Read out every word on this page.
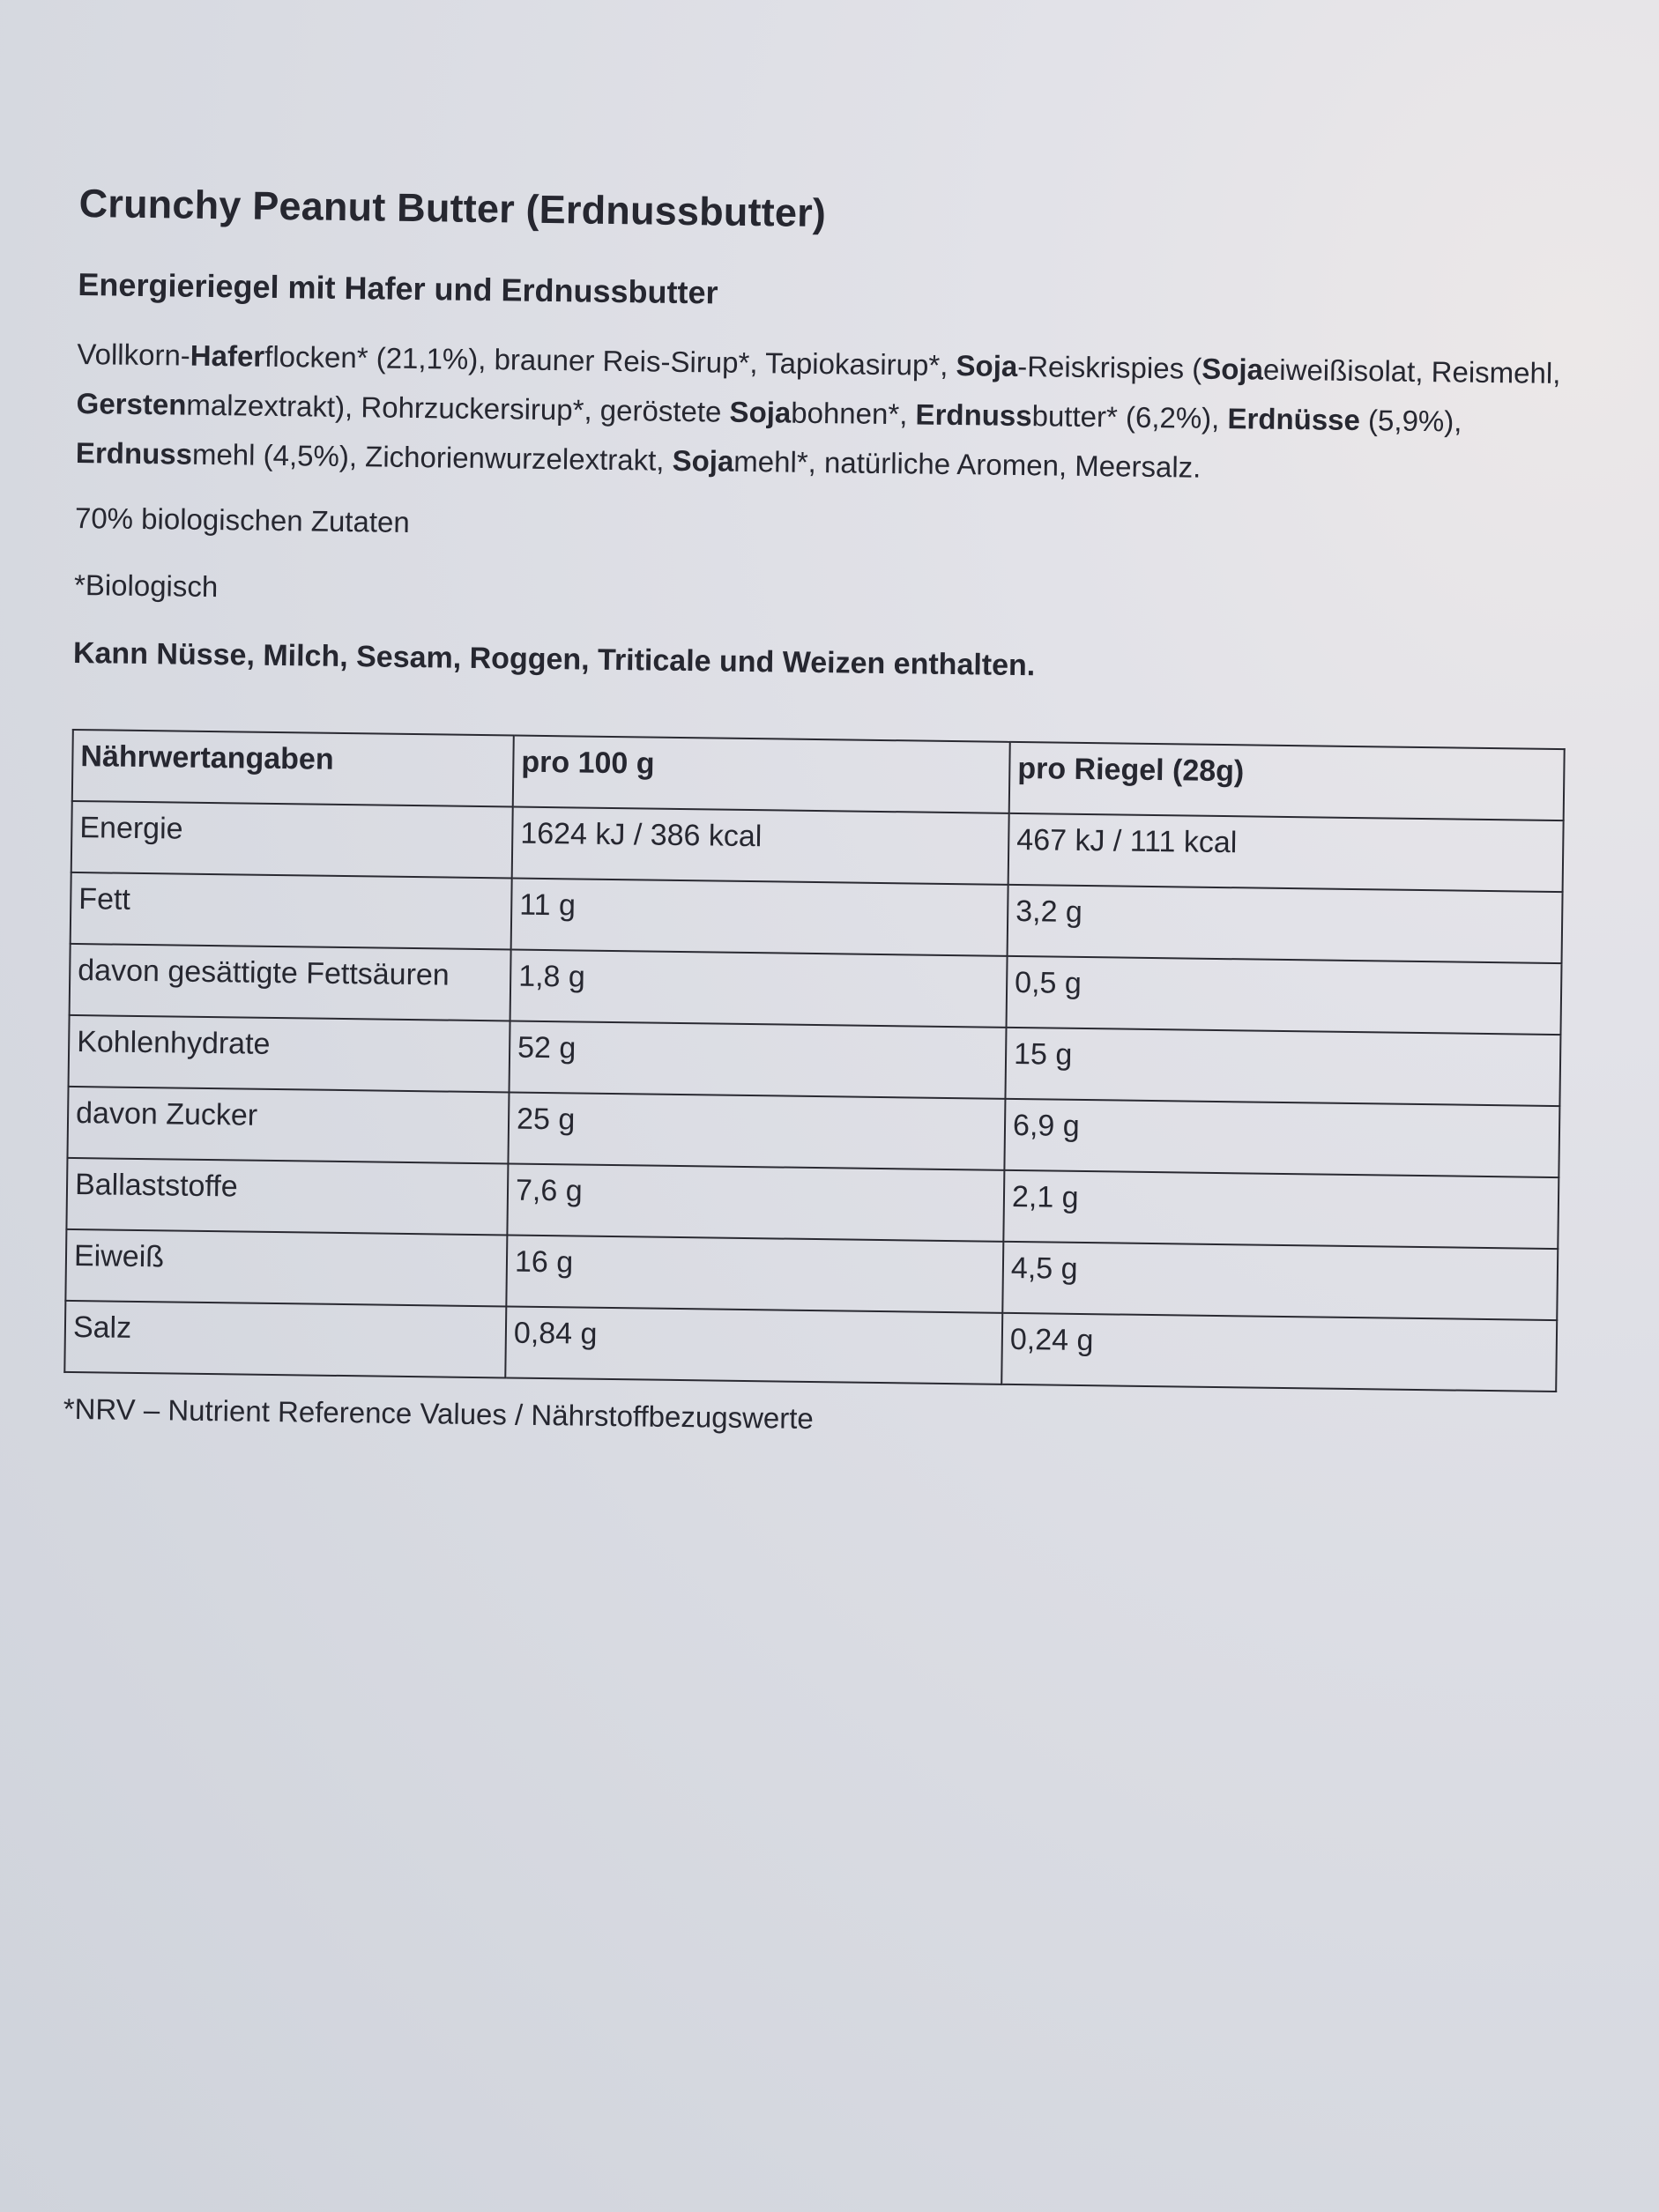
Crunchy Peanut Butter (Erdnussbutter)
Energieriegel mit Hafer und Erdnussbutter
Vollkorn-Haferflocken* (21,1%), brauner Reis-Sirup*, Tapiokasirup*, Soja-Reiskrispies (Sojaeiweißisolat, Reismehl, Gerstenmalzextrakt), Rohrzuckersirup*, geröstete Sojabohnen*, Erdnussbutter* (6,2%), Erdnüsse (5,9%), Erdnussmehl (4,5%), Zichorienwurzelextrakt, Sojamehl*, natürliche Aromen, Meersalz.
70% biologischen Zutaten
*Biologisch
Kann Nüsse, Milch, Sesam, Roggen, Triticale und Weizen enthalten.
Nährwertangaben	pro 100 g	pro Riegel (28g)
Energie	1624 kJ / 386 kcal	467 kJ / 111 kcal
Fett	11 g	3,2 g
davon gesättigte Fettsäuren	1,8 g	0,5 g
Kohlenhydrate	52 g	15 g
davon Zucker	25 g	6,9 g
Ballaststoffe	7,6 g	2,1 g
Eiweiß	16 g	4,5 g
Salz	0,84 g	0,24 g
*NRV – Nutrient Reference Values / Nährstoffbezugswerte
